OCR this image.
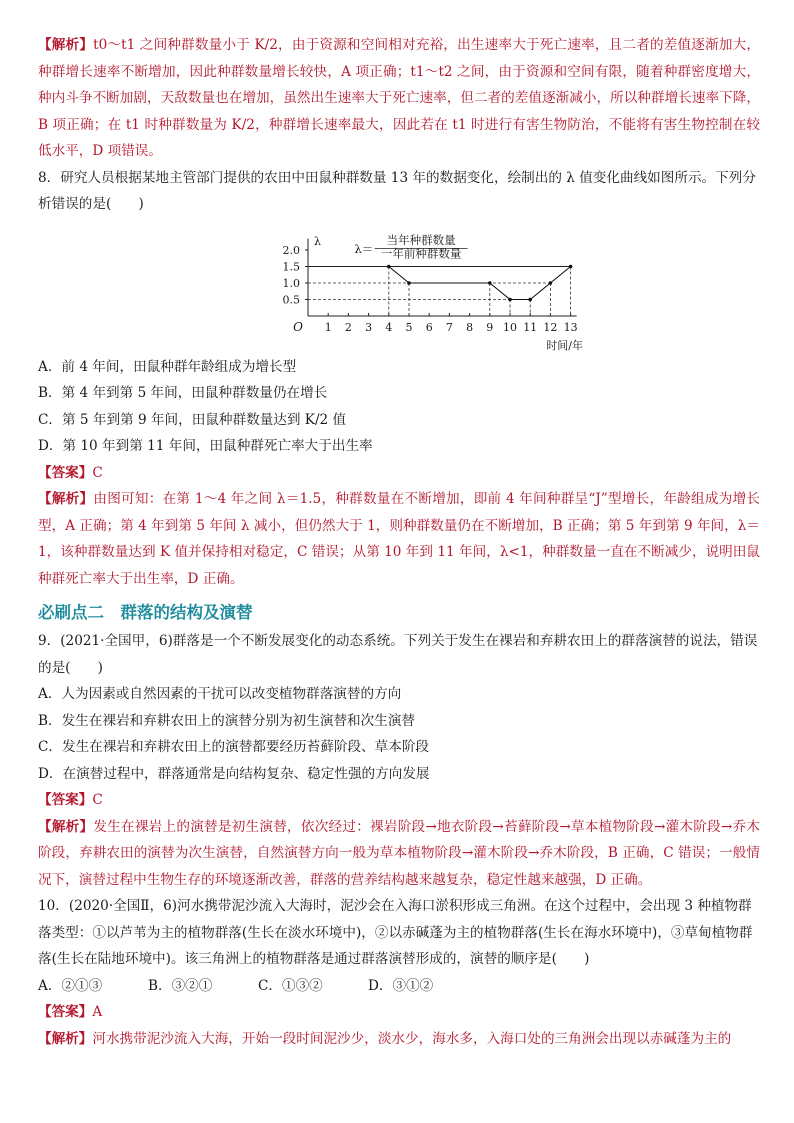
【解析】t0～t1 之间种群数量小于 K/2，由于资源和空间相对充裕，出生速率大于死亡速率，且二者的差值逐渐加大，种群增长速率不断增加，因此种群数量增长较快，A 项正确；t1～t2 之间，由于资源和空间有限，随着种群密度增大，种内斗争不断加剧，天敌数量也在增加，虽然出生速率大于死亡速率，但二者的差值逐渐减小，所以种群增长速率下降，B 项正确；在 t1 时种群数量为 K/2，种群增长速率最大，因此若在 t1 时进行有害生物防治，不能将有害生物控制在较低水平，D 项错误。

8．研究人员根据某地主管部门提供的农田中田鼠种群数量 13 年的数据变化，绘制出的 λ 值变化曲线如图所示。下列分析错误的是(　　)

0.5
1.0
1.5
2.0
λ
O 1 2 3 4 5 6 7 8 9 10 11 12 13
时间/年
λ＝
当年种群数量
一年前种群数量

A．前 4 年间，田鼠种群年龄组成为增长型

B．第 4 年到第 5 年间，田鼠种群数量仍在增长

C．第 5 年到第 9 年间，田鼠种群数量达到 K/2 值

D．第 10 年到第 11 年间，田鼠种群死亡率大于出生率

【答案】C

【解析】由图可知：在第 1～4 年之间 λ＝1.5，种群数量在不断增加，即前 4 年间种群呈“J”型增长，年龄组成为增长型，A 正确；第 4 年到第 5 年间 λ 减小，但仍然大于 1，则种群数量仍在不断增加，B 正确；第 5 年到第 9 年间，λ＝1，该种群数量达到 K 值并保持相对稳定，C 错误；从第 10 年到 11 年间，λ<1，种群数量一直在不断减少，说明田鼠种群死亡率大于出生率，D 正确。

必刷点二　群落的结构及演替

9．(2021·全国甲，6)群落是一个不断发展变化的动态系统。下列关于发生在裸岩和弃耕农田上的群落演替的说法，错误的是(　　)

A．人为因素或自然因素的干扰可以改变植物群落演替的方向

B．发生在裸岩和弃耕农田上的演替分别为初生演替和次生演替

C．发生在裸岩和弃耕农田上的演替都要经历苔藓阶段、草本阶段

D．在演替过程中，群落通常是向结构复杂、稳定性强的方向发展

【答案】C

【解析】发生在裸岩上的演替是初生演替，依次经过：裸岩阶段→地衣阶段→苔藓阶段→草本植物阶段→灌木阶段→乔木阶段，弃耕农田的演替为次生演替，自然演替方向一般为草本植物阶段→灌木阶段→乔木阶段，B 正确，C 错误；一般情况下，演替过程中生物生存的环境逐渐改善，群落的营养结构越来越复杂，稳定性越来越强，D 正确。

10．(2020·全国Ⅱ，6)河水携带泥沙流入大海时，泥沙会在入海口淤积形成三角洲。在这个过程中，会出现 3 种植物群落类型：①以芦苇为主的植物群落(生长在淡水环境中)，②以赤碱蓬为主的植物群落(生长在海水环境中)，③草甸植物群落(生长在陆地环境中)。该三角洲上的植物群落是通过群落演替形成的，演替的顺序是(　　)

A．②①③	B．③②①	C．①③②	D．③①②

【答案】A

【解析】河水携带泥沙流入大海，开始一段时间泥沙少，淡水少，海水多，入海口处的三角洲会出现以赤碱蓬为主的
